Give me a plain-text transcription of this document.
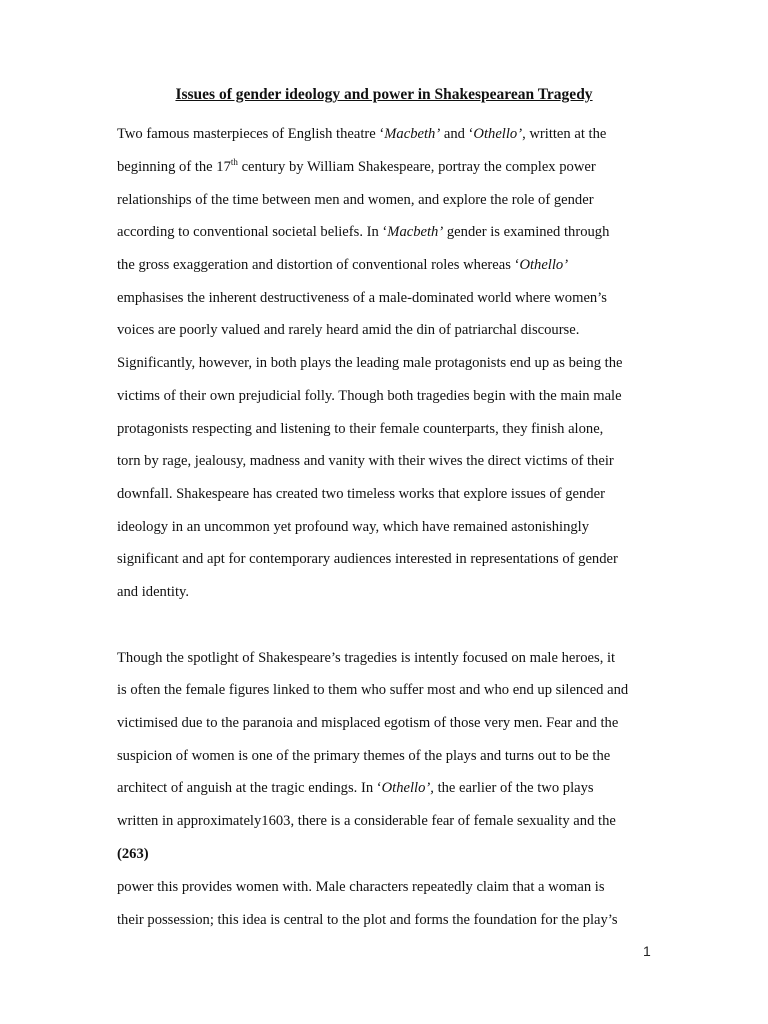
Issues of gender ideology and power in Shakespearean Tragedy
Two famous masterpieces of English theatre ‘Macbeth’ and ‘Othello’, written at the
beginning of the 17th century by William Shakespeare, portray the complex power
relationships of the time between men and women, and explore the role of gender
according to conventional societal beliefs. In ‘Macbeth’ gender is examined through
the gross exaggeration and distortion of conventional roles whereas ‘Othello’
emphasises the inherent destructiveness of a male-dominated world where women’s
voices are poorly valued and rarely heard amid the din of patriarchal discourse.
Significantly, however, in both plays the leading male protagonists end up as being the
victims of their own prejudicial folly. Though both tragedies begin with the main male
protagonists respecting and listening to their female counterparts, they finish alone,
torn by rage, jealousy, madness and vanity with their wives the direct victims of their
downfall. Shakespeare has created two timeless works that explore issues of gender
ideology in an uncommon yet profound way, which have remained astonishingly
significant and apt for contemporary audiences interested in representations of gender
and identity.
Though the spotlight of Shakespeare’s tragedies is intently focused on male heroes, it
is often the female figures linked to them who suffer most and who end up silenced and
victimised due to the paranoia and misplaced egotism of those very men. Fear and the
suspicion of women is one of the primary themes of the plays and turns out to be the
architect of anguish at the tragic endings. In ‘Othello’, the earlier of the two plays
written in approximately1603, there is a considerable fear of female sexuality and the
(263)
power this provides women with. Male characters repeatedly claim that a woman is
their possession; this idea is central to the plot and forms the foundation for the play’s
1
